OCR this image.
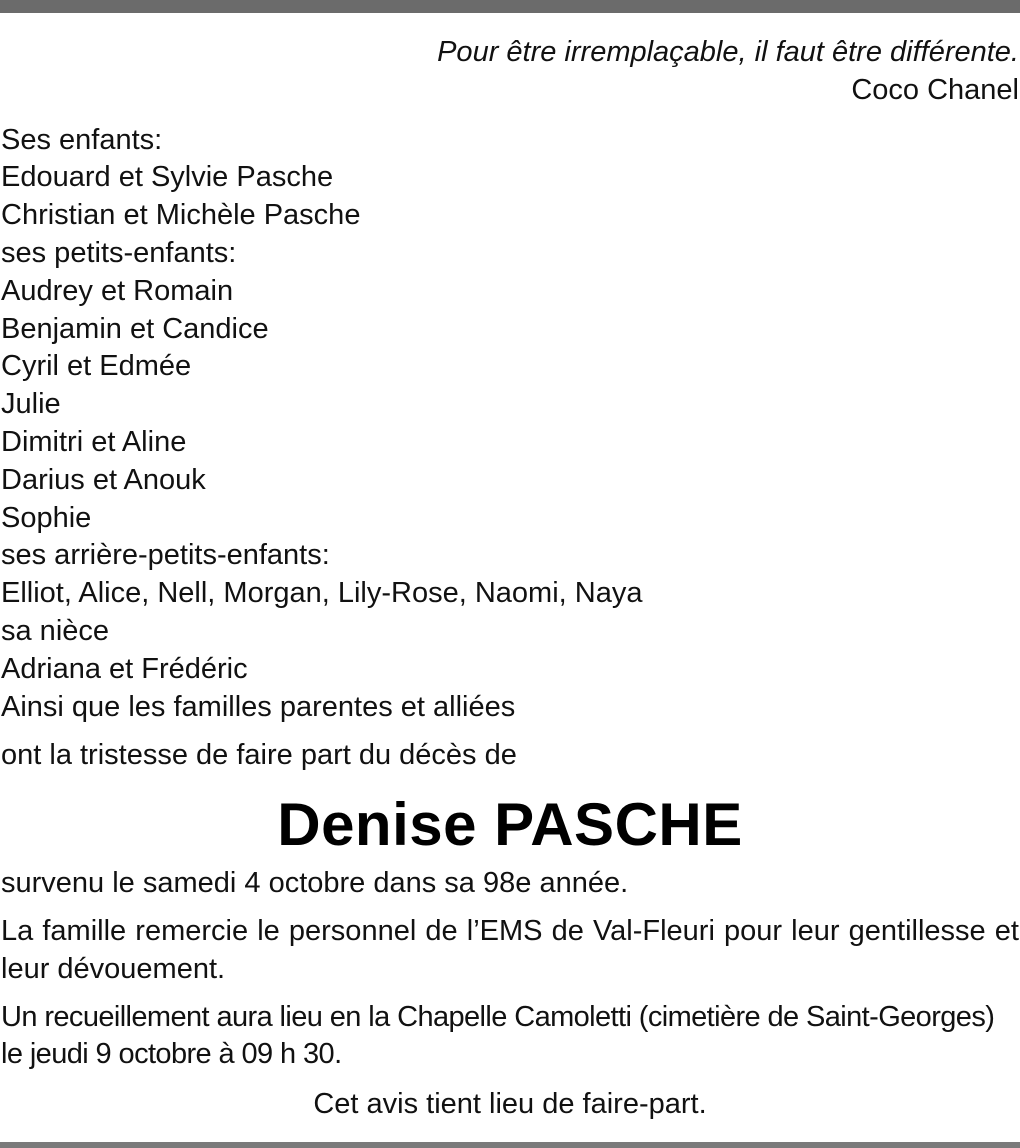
Pour être irremplaçable, il faut être différente.
Coco Chanel
Ses enfants:
Edouard et Sylvie Pasche
Christian et Michèle Pasche
ses petits-enfants:
Audrey et Romain
Benjamin et Candice
Cyril et Edmée
Julie
Dimitri et Aline
Darius et Anouk
Sophie
ses arrière-petits-enfants:
Elliot, Alice, Nell, Morgan, Lily-Rose, Naomi, Naya
sa nièce
Adriana et Frédéric
Ainsi que les familles parentes et alliées
ont la tristesse de faire part du décès de
Denise PASCHE
survenu le samedi 4 octobre dans sa 98e année.
La famille remercie le personnel de l’EMS de Val-Fleuri pour leur gentillesse et leur dévouement.
Un recueillement aura lieu en la Chapelle Camoletti (cimetière de Saint-Georges) le jeudi 9 octobre à 09 h 30.
Cet avis tient lieu de faire-part.
